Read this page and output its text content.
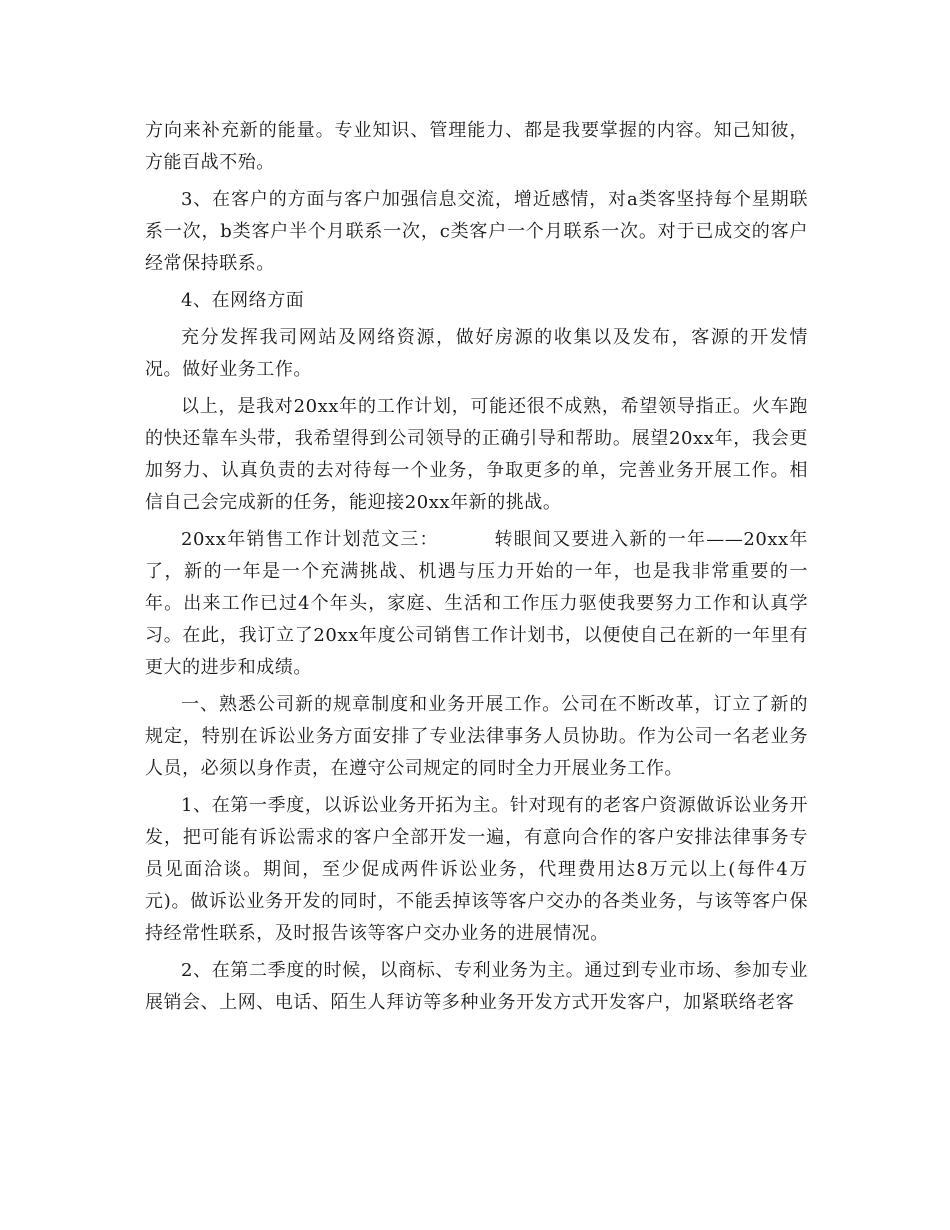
方向来补充新的能量。专业知识、管理能力、都是我要掌握的内容。知己知彼，方能百战不殆。

3、在客户的方面与客户加强信息交流，增近感情，对a类客坚持每个星期联系一次，b类客户半个月联系一次，c类客户一个月联系一次。对于已成交的客户经常保持联系。

4、在网络方面

充分发挥我司网站及网络资源，做好房源的收集以及发布，客源的开发情况。做好业务工作。

以上，是我对20xx年的工作计划，可能还很不成熟，希望领导指正。火车跑的快还靠车头带，我希望得到公司领导的正确引导和帮助。展望20xx年，我会更加努力、认真负责的去对待每一个业务，争取更多的单，完善业务开展工作。相信自己会完成新的任务，能迎接20xx年新的挑战。

20xx年销售工作计划范文三：        转眼间又要进入新的一年——20xx年了，新的一年是一个充满挑战、机遇与压力开始的一年，也是我非常重要的一年。出来工作已过4个年头，家庭、生活和工作压力驱使我要努力工作和认真学习。在此，我订立了20xx年度公司销售工作计划书，以便使自己在新的一年里有更大的进步和成绩。

一、熟悉公司新的规章制度和业务开展工作。公司在不断改革，订立了新的规定，特别在诉讼业务方面安排了专业法律事务人员协助。作为公司一名老业务人员，必须以身作责，在遵守公司规定的同时全力开展业务工作。

1、在第一季度，以诉讼业务开拓为主。针对现有的老客户资源做诉讼业务开发，把可能有诉讼需求的客户全部开发一遍，有意向合作的客户安排法律事务专员见面洽谈。期间，至少促成两件诉讼业务，代理费用达8万元以上(每件4万元)。做诉讼业务开发的同时，不能丢掉该等客户交办的各类业务，与该等客户保持经常性联系，及时报告该等客户交办业务的进展情况。

2、在第二季度的时候，以商标、专利业务为主。通过到专业市场、参加专业展销会、上网、电话、陌生人拜访等多种业务开发方式开发客户，加紧联络老客
